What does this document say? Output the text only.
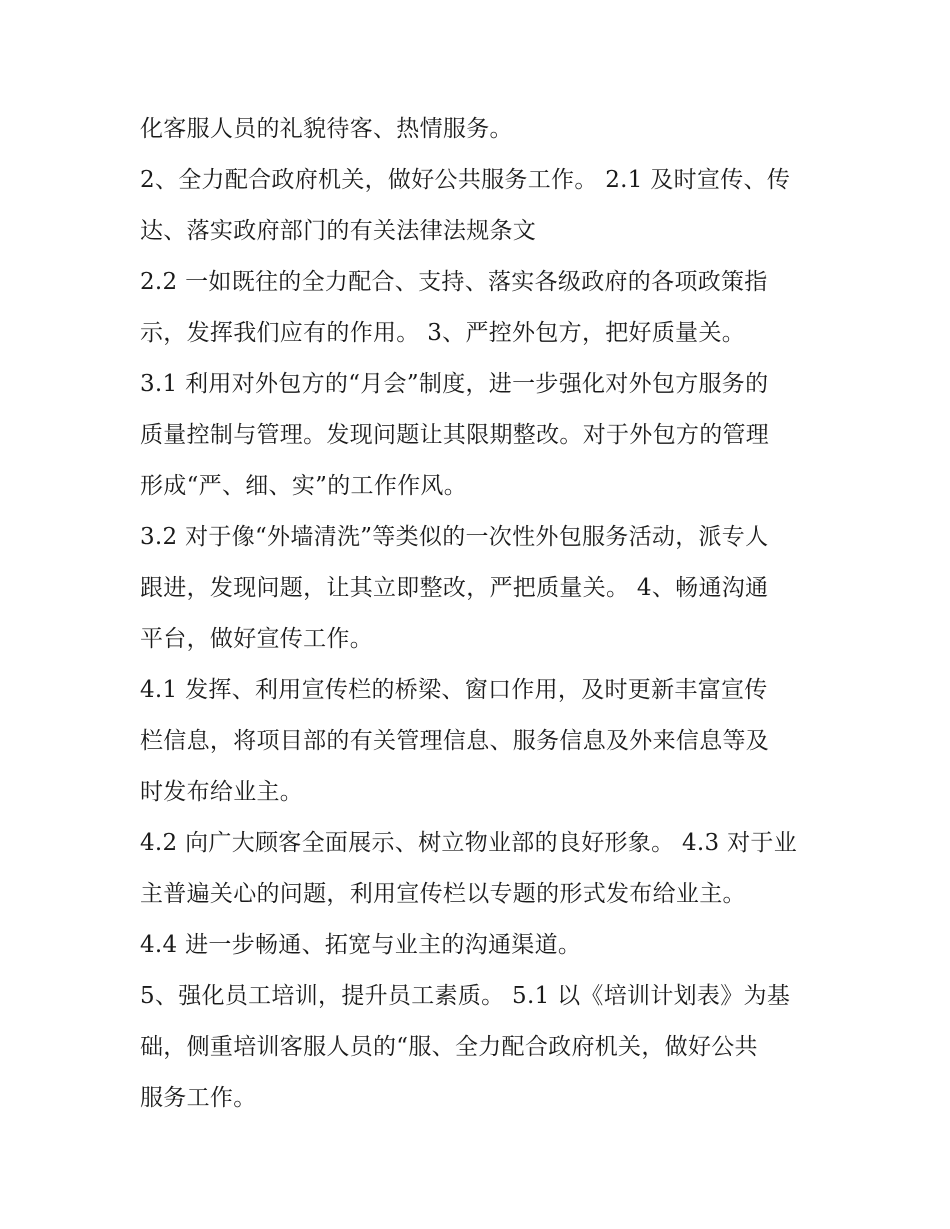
化客服人员的礼貌待客、热情服务。
2、全力配合政府机关，做好公共服务工作。 2.1 及时宣传、传
达、落实政府部门的有关法律法规条文
2.2 一如既往的全力配合、支持、落实各级政府的各项政策指
示，发挥我们应有的作用。 3、严控外包方，把好质量关。
3.1 利用对外包方的“月会”制度，进一步强化对外包方服务的
质量控制与管理。发现问题让其限期整改。对于外包方的管理
形成“严、细、实”的工作作风。
3.2 对于像“外墙清洗”等类似的一次性外包服务活动，派专人
跟进，发现问题，让其立即整改，严把质量关。 4、畅通沟通
平台，做好宣传工作。
4.1 发挥、利用宣传栏的桥梁、窗口作用，及时更新丰富宣传
栏信息，将项目部的有关管理信息、服务信息及外来信息等及
时发布给业主。
4.2 向广大顾客全面展示、树立物业部的良好形象。 4.3 对于业
主普遍关心的问题，利用宣传栏以专题的形式发布给业主。
4.4 进一步畅通、拓宽与业主的沟通渠道。
5、强化员工培训，提升员工素质。 5.1 以《培训计划表》为基
础，侧重培训客服人员的“服、全力配合政府机关，做好公共
服务工作。
